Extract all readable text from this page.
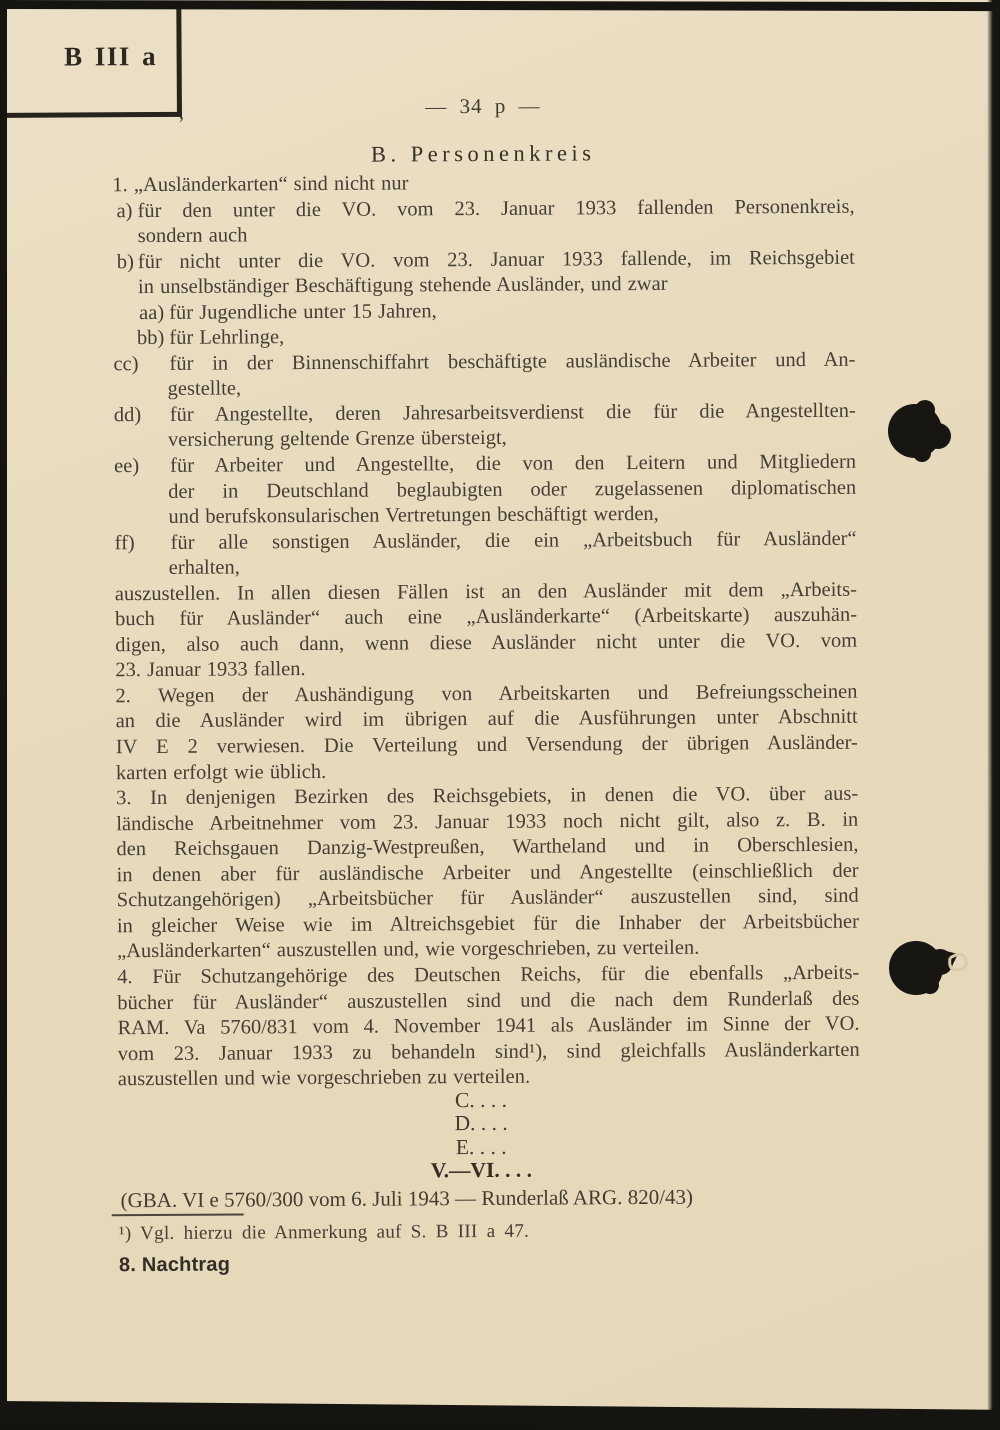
B III a
,	— 34 p —
B. Personenkreis
1. „Ausländerkarten“ sind nicht nur
a) für den unter die VO. vom 23. Januar 1933 fallenden Personenkreis,
sondern auch
b) für nicht unter die VO. vom 23. Januar 1933 fallende, im Reichsgebiet
in unselbständiger Beschäftigung stehende Ausländer, und zwar
aa) für Jugendliche unter 15 Jahren,
bb) für Lehrlinge,
cc) für in der Binnenschiffahrt beschäftigte ausländische Arbeiter und An-
gestellte,
dd) für Angestellte, deren Jahresarbeitsverdienst die für die Angestellten-
versicherung geltende Grenze übersteigt,
ee) für Arbeiter und Angestellte, die von den Leitern und Mitgliedern
der in Deutschland beglaubigten oder zugelassenen diplomatischen
und berufskonsularischen Vertretungen beschäftigt werden,
ff) für alle sonstigen Ausländer, die ein „Arbeitsbuch für Ausländer“
erhalten,
auszustellen. In allen diesen Fällen ist an den Ausländer mit dem „Arbeits-
buch für Ausländer“ auch eine „Ausländerkarte“ (Arbeitskarte) auszuhän-
digen, also auch dann, wenn diese Ausländer nicht unter die VO. vom
23. Januar 1933 fallen.
2. Wegen der Aushändigung von Arbeitskarten und Befreiungsscheinen
an die Ausländer wird im übrigen auf die Ausführungen unter Abschnitt
IV E 2 verwiesen. Die Verteilung und Versendung der übrigen Ausländer-
karten erfolgt wie üblich.
3. In denjenigen Bezirken des Reichsgebiets, in denen die VO. über aus-
ländische Arbeitnehmer vom 23. Januar 1933 noch nicht gilt, also z. B. in
den Reichsgauen Danzig-Westpreußen, Wartheland und in Oberschlesien,
in denen aber für ausländische Arbeiter und Angestellte (einschließlich der
Schutzangehörigen) „Arbeitsbücher für Ausländer“ auszustellen sind, sind
in gleicher Weise wie im Altreichsgebiet für die Inhaber der Arbeitsbücher
„Ausländerkarten“ auszustellen und, wie vorgeschrieben, zu verteilen.
4. Für Schutzangehörige des Deutschen Reichs, für die ebenfalls „Arbeits-
bücher für Ausländer“ auszustellen sind und die nach dem Runderlaß des
RAM. Va 5760/831 vom 4. November 1941 als Ausländer im Sinne der VO.
vom 23. Januar 1933 zu behandeln sind¹), sind gleichfalls Ausländerkarten
auszustellen und wie vorgeschrieben zu verteilen.
C. . . .
D. . . .
E. . . .
V.—VI. . . .
(GBA. VI e 5760/300 vom 6. Juli 1943 — Runderlaß ARG. 820/43)
¹) Vgl. hierzu die Anmerkung auf S. B III a 47.
8. Nachtrag
